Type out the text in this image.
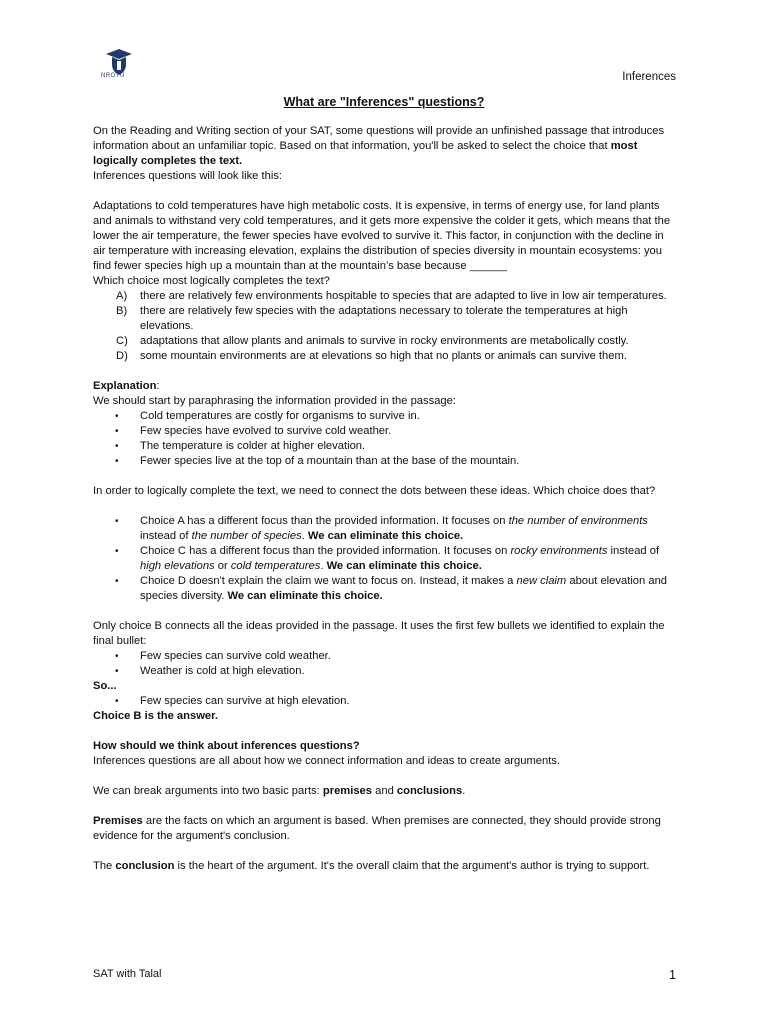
NROTU	Inferences
What are "Inferences" questions?

On the Reading and Writing section of your SAT, some questions will provide an unfinished passage that introduces information about an unfamiliar topic. Based on that information, you'll be asked to select the choice that most logically completes the text.

Inferences questions will look like this:

Adaptations to cold temperatures have high metabolic costs. It is expensive, in terms of energy use, for land plants and animals to withstand very cold temperatures, and it gets more expensive the colder it gets, which means that the lower the air temperature, the fewer species have evolved to survive it. This factor, in conjunction with the decline in air temperature with increasing elevation, explains the distribution of species diversity in mountain ecosystems: you find fewer species high up a mountain than at the mountain’s base because ______

Which choice most logically completes the text?

A)	there are relatively few environments hospitable to species that are adapted to live in low air temperatures.
B)	there are relatively few species with the adaptations necessary to tolerate the temperatures at high elevations.
C)	adaptations that allow plants and animals to survive in rocky environments are metabolically costly.
D)	some mountain environments are at elevations so high that no plants or animals can survive them.

Explanation:

We should start by paraphrasing the information provided in the passage:

•	Cold temperatures are costly for organisms to survive in.
•	Few species have evolved to survive cold weather.
•	The temperature is colder at higher elevation.
•	Fewer species live at the top of a mountain than at the base of the mountain.

In order to logically complete the text, we need to connect the dots between these ideas. Which choice does that?

•	Choice A has a different focus than the provided information. It focuses on the number of environments instead of the number of species. We can eliminate this choice.
•	Choice C has a different focus than the provided information. It focuses on rocky environments instead of high elevations or cold temperatures. We can eliminate this choice.
•	Choice D doesn't explain the claim we want to focus on. Instead, it makes a new claim about elevation and species diversity. We can eliminate this choice.

Only choice B connects all the ideas provided in the passage. It uses the first few bullets we identified to explain the final bullet:

•	Few species can survive cold weather.
•	Weather is cold at high elevation.

So...

•	Few species can survive at high elevation.

Choice B is the answer.

How should we think about inferences questions?

Inferences questions are all about how we connect information and ideas to create arguments.

We can break arguments into two basic parts: premises and conclusions.

Premises are the facts on which an argument is based. When premises are connected, they should provide strong evidence for the argument's conclusion.

The conclusion is the heart of the argument. It's the overall claim that the argument's author is trying to support.

SAT with Talal	1
